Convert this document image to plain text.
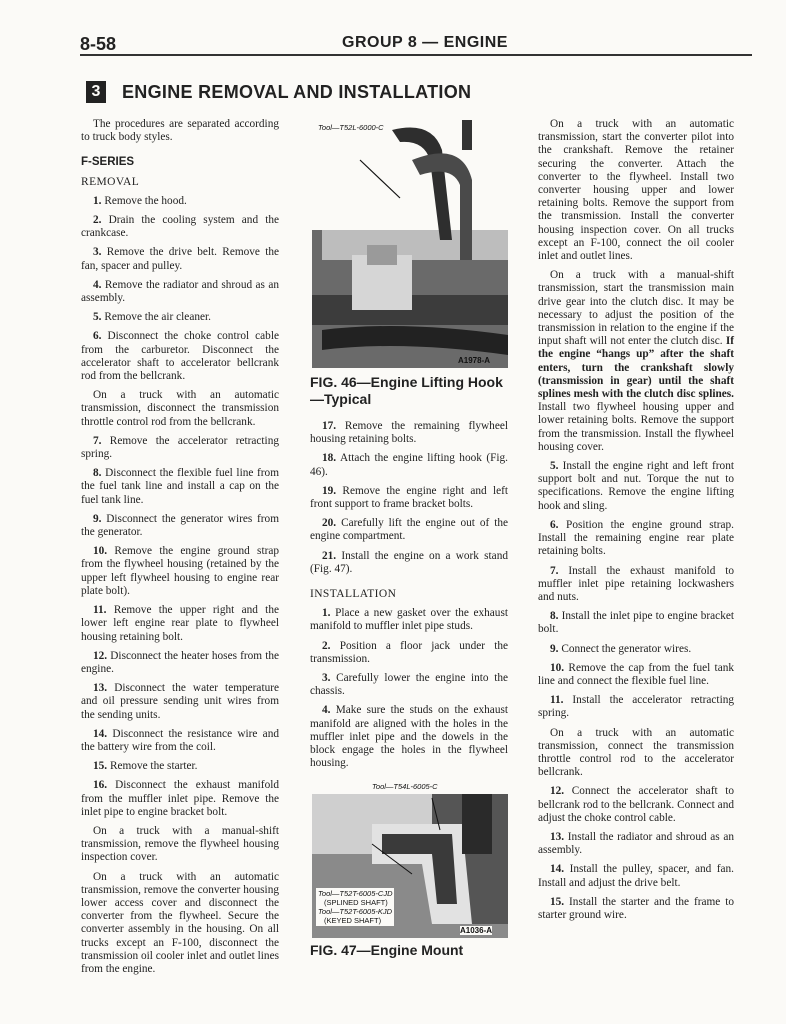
8-58	GROUP 8 — ENGINE
3	ENGINE REMOVAL AND INSTALLATION

The procedures are separated according to truck body styles.

F-SERIES
REMOVAL

1. Remove the hood.

2. Drain the cooling system and the crankcase.

3. Remove the drive belt. Remove the fan, spacer and pulley.

4. Remove the radiator and shroud as an assembly.

5. Remove the air cleaner.

6. Disconnect the choke control cable from the carburetor. Disconnect the accelerator shaft to accelerator bellcrank rod from the bellcrank.

On a truck with an automatic transmission, disconnect the transmission throttle control rod from the bellcrank.

7. Remove the accelerator retracting spring.

8. Disconnect the flexible fuel line from the fuel tank line and install a cap on the fuel tank line.

9. Disconnect the generator wires from the generator.

10. Remove the engine ground strap from the flywheel housing (retained by the upper left flywheel housing to engine rear plate bolt).

11. Remove the upper right and the lower left engine rear plate to flywheel housing retaining bolt.

12. Disconnect the heater hoses from the engine.

13. Disconnect the water temperature and oil pressure sending unit wires from the sending units.

14. Disconnect the resistance wire and the battery wire from the coil.

15. Remove the starter.

16. Disconnect the exhaust manifold from the muffler inlet pipe. Remove the inlet pipe to engine bracket bolt.

On a truck with a manual-shift transmission, remove the flywheel housing inspection cover.

On a truck with an automatic transmission, remove the converter housing lower access cover and disconnect the converter from the flywheel. Secure the converter assembly in the housing. On all trucks except an F-100, disconnect the transmission oil cooler inlet and outlet lines from the engine.

Tool—T52L-6000-C
A1978-A
FIG. 46—Engine Lifting Hook—Typical

17. Remove the remaining flywheel housing retaining bolts.

18. Attach the engine lifting hook (Fig. 46).

19. Remove the engine right and left front support to frame bracket bolts.

20. Carefully lift the engine out of the engine compartment.

21. Install the engine on a work stand (Fig. 47).

INSTALLATION

1. Place a new gasket over the exhaust manifold to muffler inlet pipe studs.

2. Position a floor jack under the transmission.

3. Carefully lower the engine into the chassis.

4. Make sure the studs on the exhaust manifold are aligned with the holes in the muffler inlet pipe and the dowels in the block engage the holes in the flywheel housing.

Tool—T54L-6005-C
Tool—T52T-6005-CJD
(SPLINED SHAFT)
Tool—T52T-6005-KJD
(KEYED SHAFT)
A1036-A
FIG. 47—Engine Mount

On a truck with an automatic transmission, start the converter pilot into the crankshaft. Remove the retainer securing the converter. Attach the converter to the flywheel. Install two converter housing upper and lower retaining bolts. Remove the support from the transmission. Install the converter housing inspection cover. On all trucks except an F-100, connect the oil cooler inlet and outlet lines.

On a truck with a manual-shift transmission, start the transmission main drive gear into the clutch disc. It may be necessary to adjust the position of the transmission in relation to the engine if the input shaft will not enter the clutch disc. If the engine “hangs up” after the shaft enters, turn the crankshaft slowly (transmission in gear) until the shaft splines mesh with the clutch disc splines. Install two flywheel housing upper and lower retaining bolts. Remove the support from the transmission. Install the flywheel housing cover.

5. Install the engine right and left front support bolt and nut. Torque the nut to specifications. Remove the engine lifting hook and sling.

6. Position the engine ground strap. Install the remaining engine rear plate retaining bolts.

7. Install the exhaust manifold to muffler inlet pipe retaining lockwashers and nuts.

8. Install the inlet pipe to engine bracket bolt.

9. Connect the generator wires.

10. Remove the cap from the fuel tank line and connect the flexible fuel line.

11. Install the accelerator retracting spring.

On a truck with an automatic transmission, connect the transmission throttle control rod to the accelerator bellcrank.

12. Connect the accelerator shaft to bellcrank rod to the bellcrank. Connect and adjust the choke control cable.

13. Install the radiator and shroud as an assembly.

14. Install the pulley, spacer, and fan. Install and adjust the drive belt.

15. Install the starter and the frame to starter ground wire.
